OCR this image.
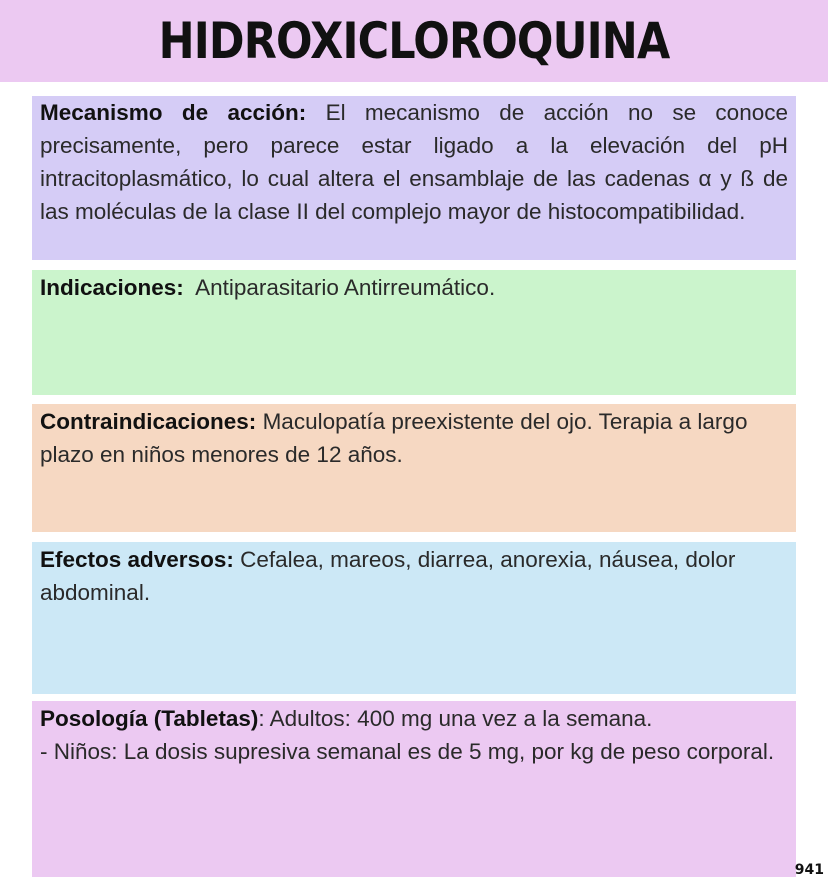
HIDROXICLOROQUINA
Mecanismo de acción: El mecanismo de acción no se conoce precisamente, pero parece estar ligado a la elevación del pH intracitoplasmático, lo cual altera el ensamblaje de las cadenas α y ß de las moléculas de la clase II del complejo mayor de histocompatibilidad.
Indicaciones: Antiparasitario Antirreumático.
Contraindicaciones: Maculopatía preexistente del ojo. Terapia a largo plazo en niños menores de 12 años.
Efectos adversos: Cefalea, mareos, diarrea, anorexia, náusea, dolor abdominal.
Posología (Tabletas): Adultos: 400 mg una vez a la semana.
- Niños: La dosis supresiva semanal es de 5 mg, por kg de peso corporal.
941
